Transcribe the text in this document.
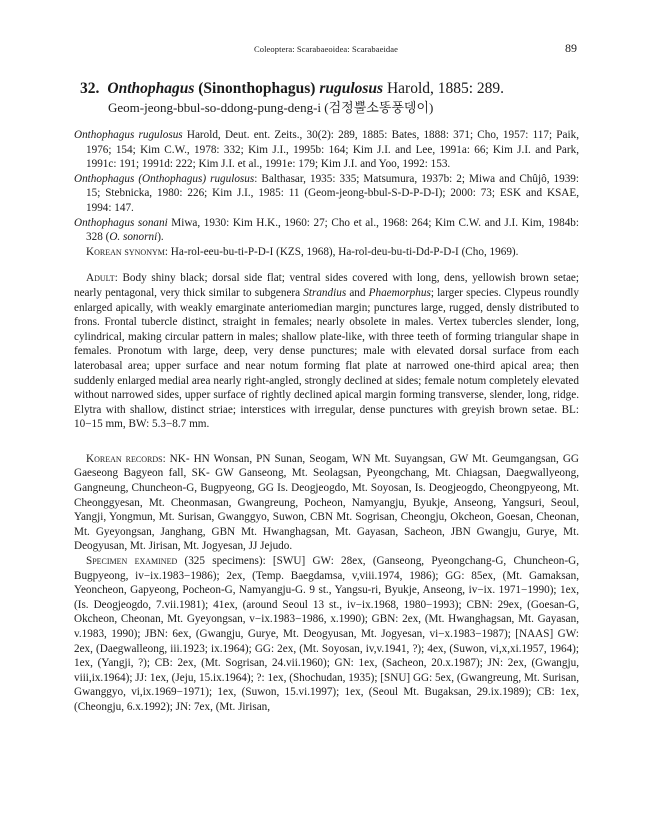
Coleoptera: Scarabaeoidea: Scarabaeidae	89
32. Onthophagus (Sinonthophagus) rugulosus Harold, 1885: 289.
Geom-jeong-bbul-so-ddong-pung-deng-i (검정뿔소똥풍뎅이)

Onthophagus rugulosus Harold, Deut. ent. Zeits., 30(2): 289, 1885: Bates, 1888: 371; Cho, 1957: 117; Paik, 1976; 154; Kim C.W., 1978: 332; Kim J.I., 1995b: 164; Kim J.I. and Lee, 1991a: 66; Kim J.I. and Park, 1991c: 191; 1991d: 222; Kim J.I. et al., 1991e: 179; Kim J.I. and Yoo, 1992: 153.

Onthophagus (Onthophagus) rugulosus: Balthasar, 1935: 335; Matsumura, 1937b: 2; Miwa and Chûjô, 1939: 15; Stebnicka, 1980: 226; Kim J.I., 1985: 11 (Geom-jeong-bbul-S-D-P-D-I); 2000: 73; ESK and KSAE, 1994: 147.

Onthophagus sonani Miwa, 1930: Kim H.K., 1960: 27; Cho et al., 1968: 264; Kim C.W. and J.I. Kim, 1984b: 328 (O. sonorni).

Korean synonym: Ha-rol-eeu-bu-ti-P-D-I (KZS, 1968), Ha-rol-deu-bu-ti-Dd-P-D-I (Cho, 1969).

Adult: Body shiny black; dorsal side flat; ventral sides covered with long, dens, yellowish brown setae; nearly pentagonal, very thick similar to subgenera Strandius and Phaemorphus; larger species. Clypeus roundly enlarged apically, with weakly emarginate anteriomedian margin; punctures large, rugged, densly distributed to frons. Frontal tubercle distinct, straight in females; nearly obsolete in males. Vertex tubercles slender, long, cylindrical, making circular pattern in males; shallow plate-like, with three teeth of forming triangular shape in females. Pronotum with large, deep, very dense punctures; male with elevated dorsal surface from each laterobasal area; upper surface and near notum forming flat plate at narrowed one-third apical area; then suddenly enlarged medial area nearly right-angled, strongly declined at sides; female notum completely elevated without narrowed sides, upper surface of rightly declined apical margin forming transverse, slender, long, ridge. Elytra with shallow, distinct striae; interstices with irregular, dense punctures with greyish brown setae. BL: 10−15 mm, BW: 5.3−8.7 mm.

Korean records: NK- HN Wonsan, PN Sunan, Seogam, WN Mt. Suyangsan, GW Mt. Geumgangsan, GG Gaeseong Bagyeon fall, SK- GW Ganseong, Mt. Seolagsan, Pyeongchang, Mt. Chiagsan, Daegwallyeong, Gangneung, Chuncheon-G, Bugpyeong, GG Is. Deogjeogdo, Mt. Soyosan, Is. Deogjeogdo, Cheongpyeong, Mt. Cheonggyesan, Mt. Cheonmasan, Gwangreung, Pocheon, Namyangju, Byukje, Anseong, Yangsuri, Seoul, Yangji, Yongmun, Mt. Surisan, Gwanggyo, Suwon, CBN Mt. Sogrisan, Cheongju, Okcheon, Goesan, Cheonan, Mt. Gyeyongsan, Janghang, GBN Mt. Hwanghagsan, Mt. Gayasan, Sacheon, JBN Gwangju, Gurye, Mt. Deogyusan, Mt. Jirisan, Mt. Jogyesan, JJ Jejudo.

Specimen examined (325 specimens): [SWU] GW: 28ex, (Ganseong, Pyeongchang-G, Chuncheon-G, Bugpyeong, iv−ix.1983−1986); 2ex, (Temp. Baegdamsa, v,viii.1974, 1986); GG: 85ex, (Mt. Gamaksan, Yeoncheon, Gapyeong, Pocheon-G, Namyangju-G. 9 st., Yangsu-ri, Byukje, Anseong, iv−ix. 1971−1990); 1ex, (Is. Deogjeogdo, 7.vii.1981); 41ex, (around Seoul 13 st., iv−ix.1968, 1980−1993); CBN: 29ex, (Goesan-G, Okcheon, Cheonan, Mt. Gyeyongsan, v−ix.1983−1986, x.1990); GBN: 2ex, (Mt. Hwanghagsan, Mt. Gayasan, v.1983, 1990); JBN: 6ex, (Gwangju, Gurye, Mt. Deogyusan, Mt. Jogyesan, vi−x.1983−1987); [NAAS] GW: 2ex, (Daegwalleong, iii.1923; ix.1964); GG: 2ex, (Mt. Soyosan, iv,v.1941, ?); 4ex, (Suwon, vi,x,xi.1957, 1964); 1ex, (Yangji, ?); CB: 2ex, (Mt. Sogrisan, 24.vii.1960); GN: 1ex, (Sacheon, 20.x.1987); JN: 2ex, (Gwangju, viii,ix.1964); JJ: 1ex, (Jeju, 15.ix.1964); ?: 1ex, (Shochudan, 1935); [SNU] GG: 5ex, (Gwangreung, Mt. Surisan, Gwanggyo, vi,ix.1969−1971); 1ex, (Suwon, 15.vi.1997); 1ex, (Seoul Mt. Bugaksan, 29.ix.1989); CB: 1ex, (Cheongju, 6.x.1992); JN: 7ex, (Mt. Jirisan,
